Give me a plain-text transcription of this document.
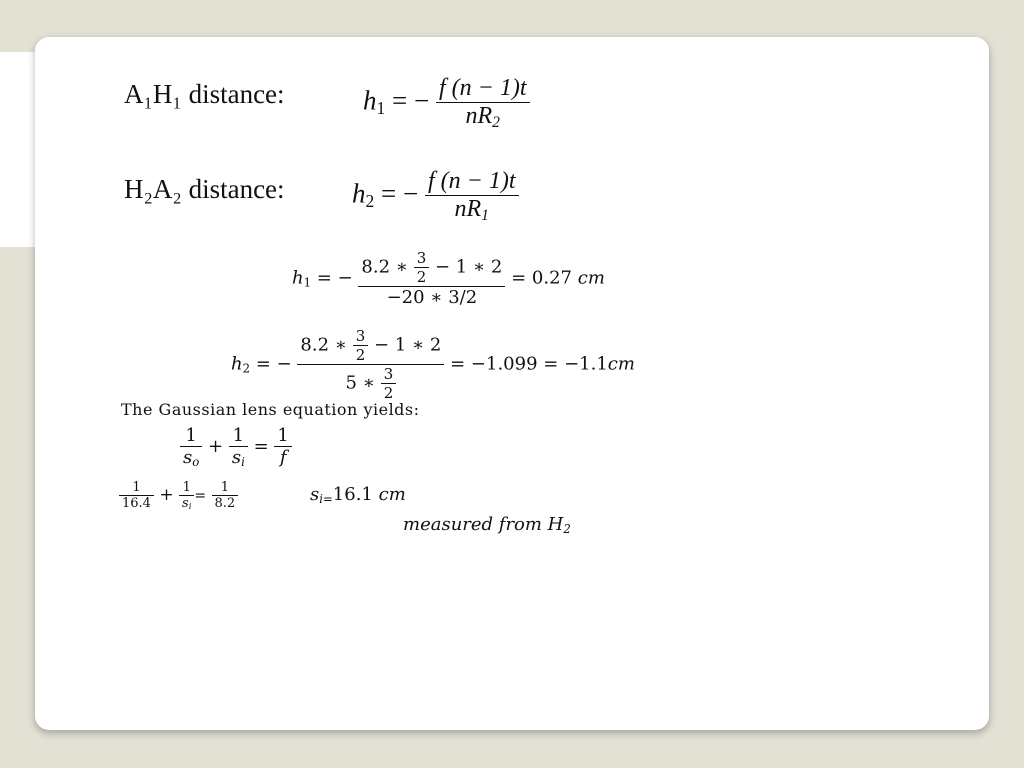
A₁H₁ distance:	$h_1$ = − $\frac{f (n - 1)t}{nR_2}$
H₂A₂ distance: $h_2$ = − $\frac{f (n - 1)t}{nR_1}$
$h_1$ = − $\frac{8.2 ∗ \frac{3}{2} - 1 ∗ 2}{-20 ∗ 3/2} = 0.27$ cm
$h_2$ = − $\frac{8.2 ∗ \frac{3}{2} - 1 ∗ 2}{5 ∗ \frac{3}{2}} = -1.099 = -1.1cm$
The Gaussian lens equation yields:
$\frac{1}{s_o} + \frac{1}{s_i} = \frac{1}{f}$
$\frac{1}{16.4} + \frac{1}{s_i} = \frac{1}{8.2}$	$s_{i=}16.1$ cm
measured from $H_2$
